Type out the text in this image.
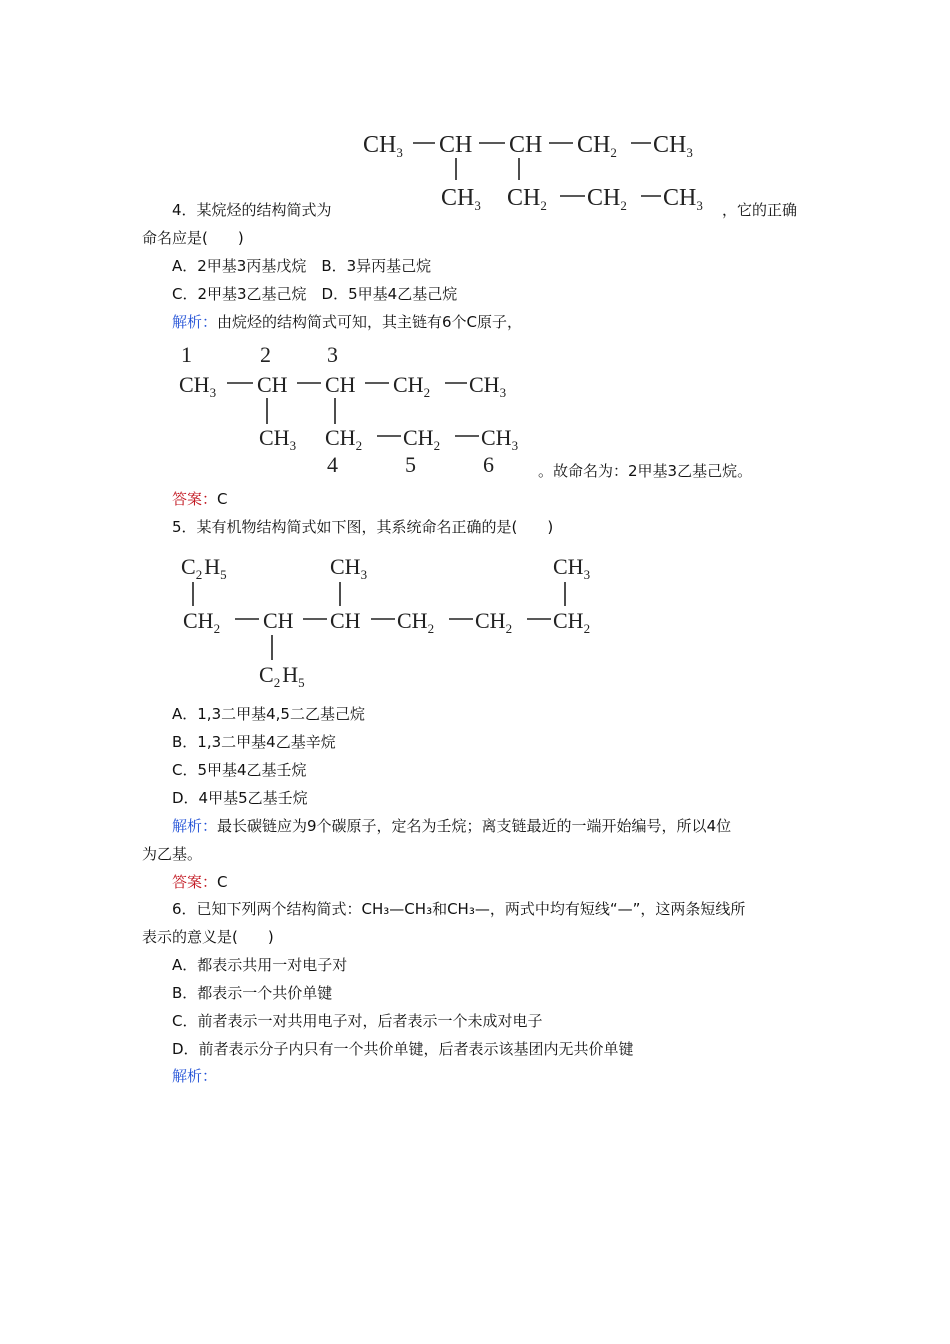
$CH_3$ CH CH $CH_2$ $CH_3$
$CH_3$ $CH_2$ $CH_2$ $CH_3$
4．某烷烃的结构简式为	，它的正确
命名应是(　　)
A．2甲基3丙基戊烷　B．3异丙基己烷
C．2甲基3乙基己烷　D．5甲基4乙基己烷
解析：由烷烃的结构简式可知，其主链有6个C原子，
1	2	3
$CH_3$ CH CH $CH_2$ $CH_3$
$CH_3$ $CH_2$ $CH_2$ $CH_3$
4	5	6	。故命名为：2甲基3乙基己烷。
答案：C
5．某有机物结构简式如下图，其系统命名正确的是(　　)
$C_2H_5$	$CH_3$	$CH_3$
$CH_2$ CH CH $CH_2$ $CH_2$ $CH_2$
$C_2H_5$
A．1,3二甲基4,5二乙基己烷
B．1,3二甲基4乙基辛烷
C．5甲基4乙基壬烷
D．4甲基5乙基壬烷
解析：最长碳链应为9个碳原子，定名为壬烷；离支链最近的一端开始编号，所以4位
为乙基。
答案：C
6．已知下列两个结构简式：CH₃—CH₃和CH₃—，两式中均有短线“—”，这两条短线所
表示的意义是(　　)
A．都表示共用一对电子对
B．都表示一个共价单键
C．前者表示一对共用电子对，后者表示一个未成对电子
D．前者表示分子内只有一个共价单键，后者表示该基团内无共价单键
解析：
